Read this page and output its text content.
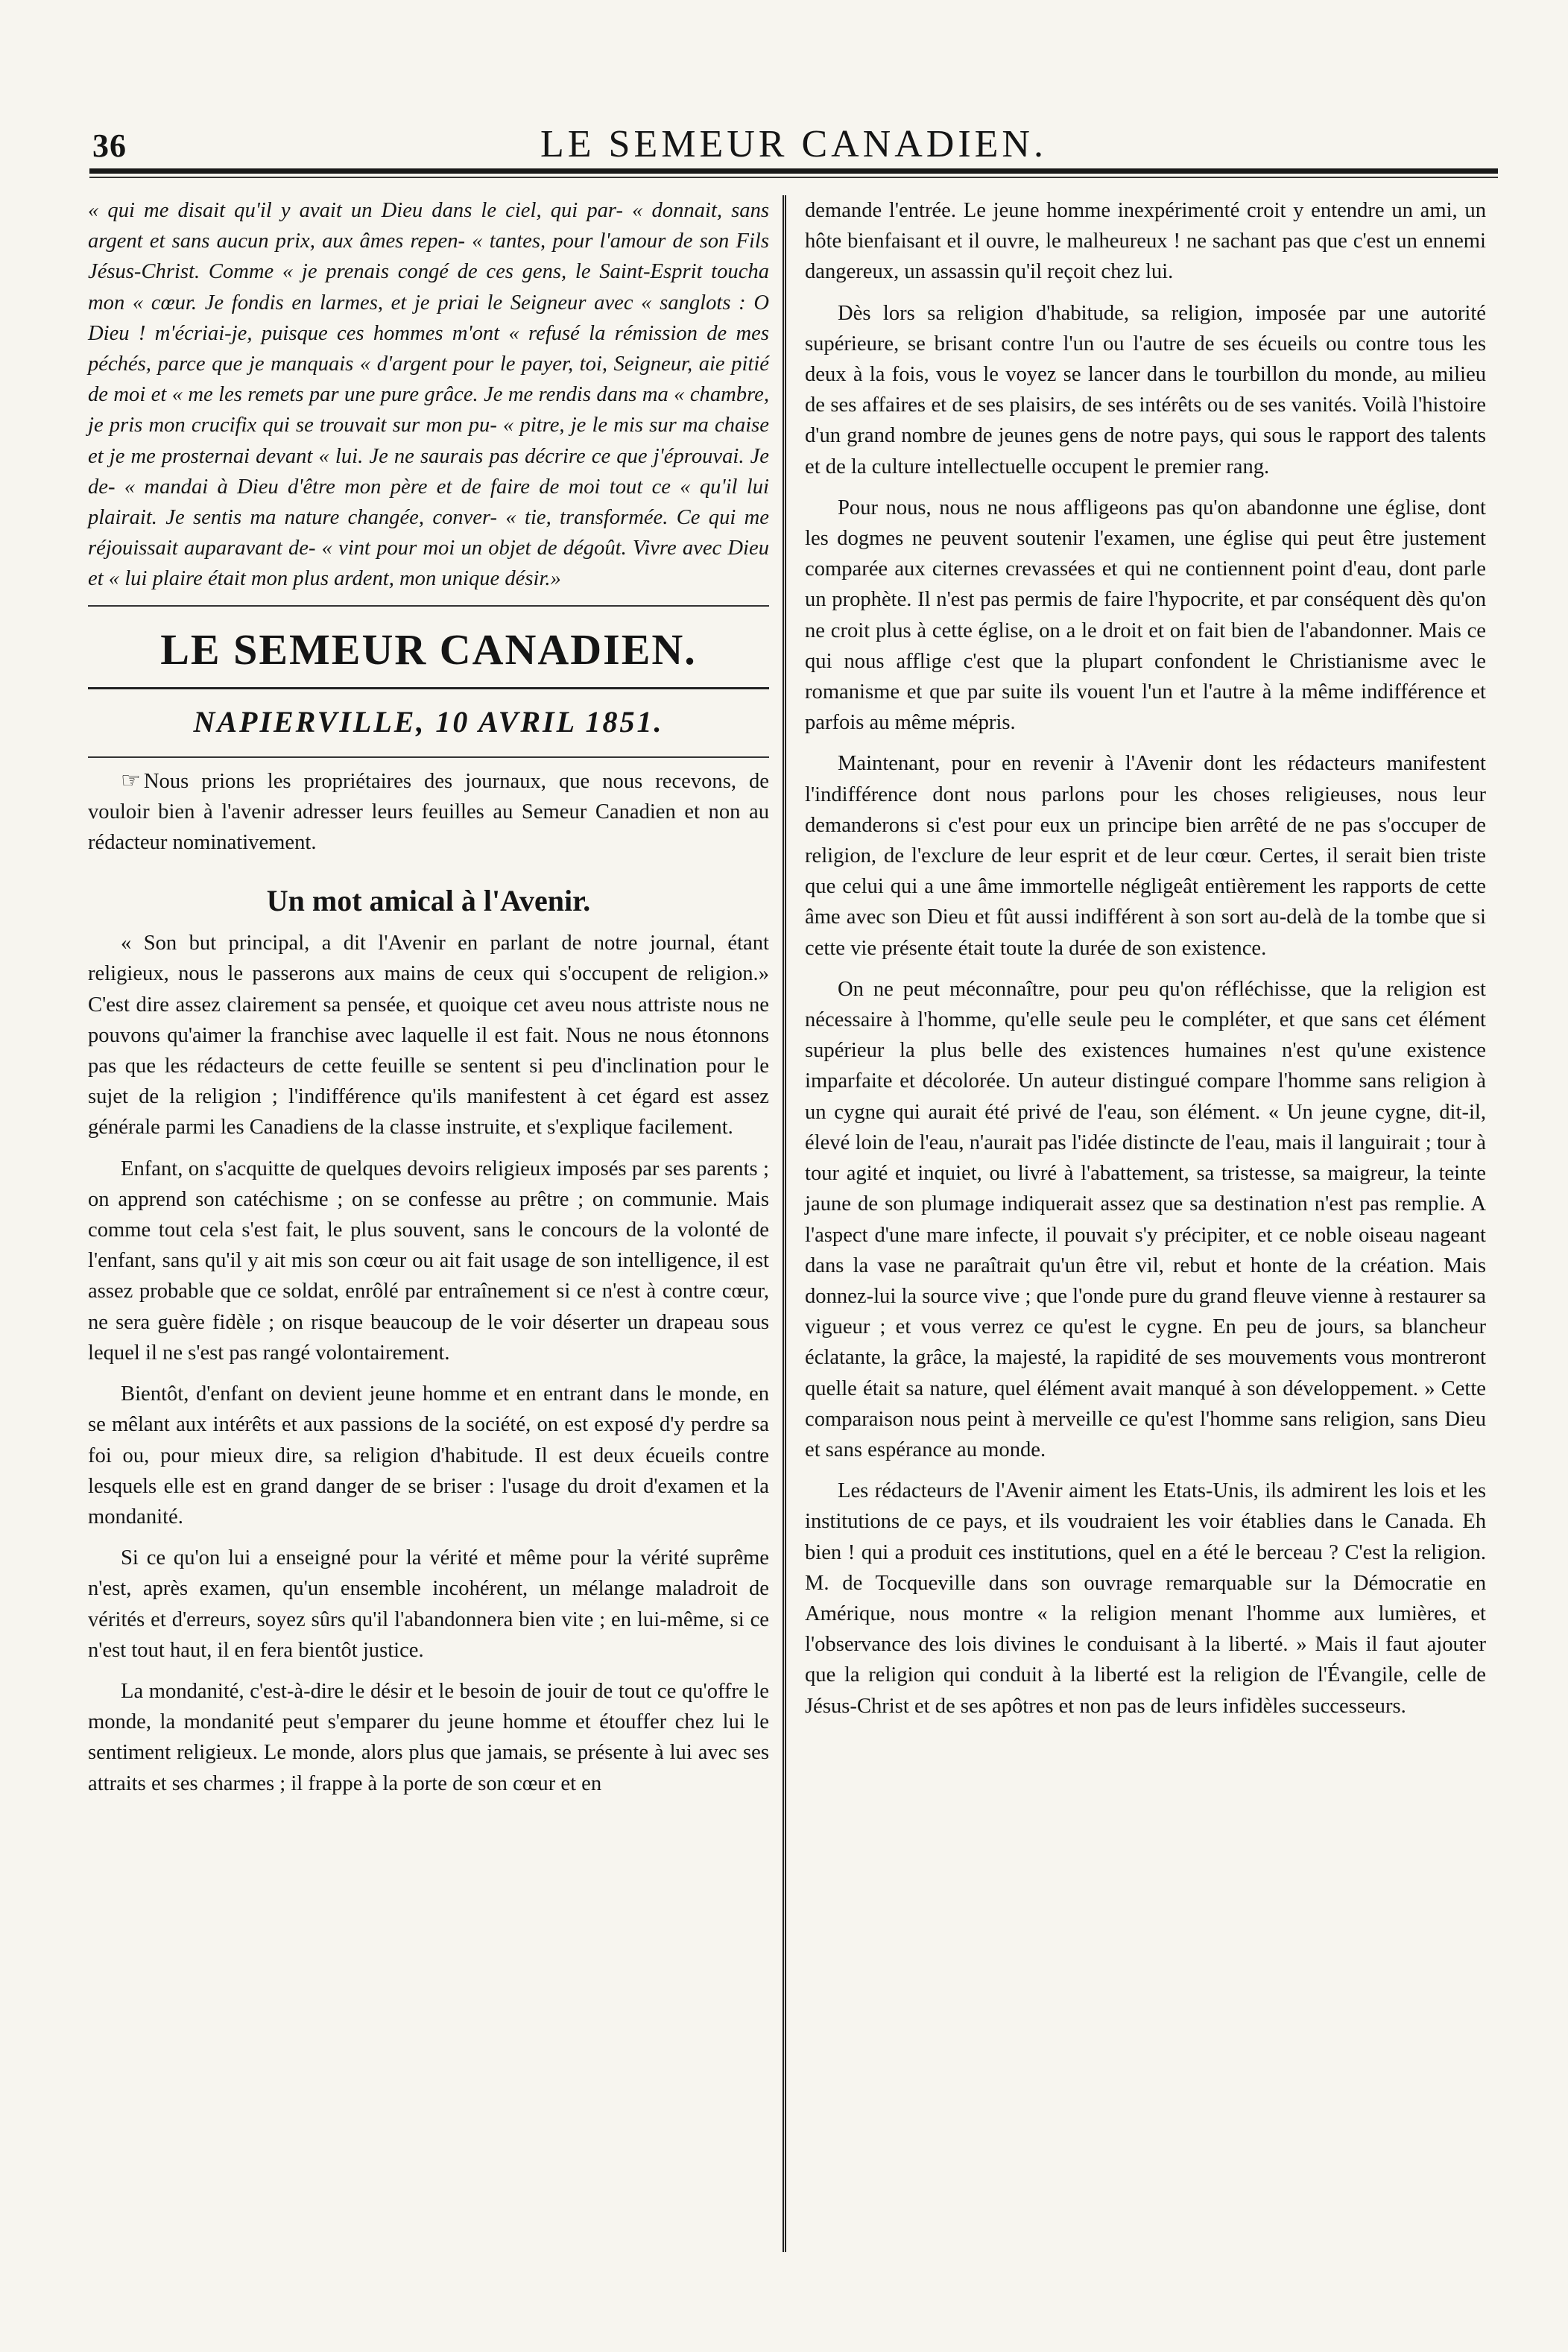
36	LE SEMEUR CANADIEN.

« qui me disait qu'il y avait un Dieu dans le ciel, qui par- « donnait, sans argent et sans aucun prix, aux âmes repen- « tantes, pour l'amour de son Fils Jésus-Christ. Comme « je prenais congé de ces gens, le Saint-Esprit toucha mon « cœur. Je fondis en larmes, et je priai le Seigneur avec « sanglots : O Dieu ! m'écriai-je, puisque ces hommes m'ont « refusé la rémission de mes péchés, parce que je manquais « d'argent pour le payer, toi, Seigneur, aie pitié de moi et « me les remets par une pure grâce. Je me rendis dans ma « chambre, je pris mon crucifix qui se trouvait sur mon pu- « pitre, je le mis sur ma chaise et je me prosternai devant « lui. Je ne saurais pas décrire ce que j'éprouvai. Je de- « mandai à Dieu d'être mon père et de faire de moi tout ce « qu'il lui plairait. Je sentis ma nature changée, conver- « tie, transformée. Ce qui me réjouissait auparavant de- « vint pour moi un objet de dégoût. Vivre avec Dieu et « lui plaire était mon plus ardent, mon unique désir.»

LE SEMEUR CANADIEN.
NAPIERVILLE, 10 AVRIL 1851.

☞ Nous prions les propriétaires des journaux, que nous recevons, de vouloir bien à l'avenir adresser leurs feuilles au Semeur Canadien et non au rédacteur nominativement.

Un mot amical à l'Avenir.

« Son but principal, a dit l'Avenir en parlant de notre journal, étant religieux, nous le passerons aux mains de ceux qui s'occupent de religion.» C'est dire assez clairement sa pensée, et quoique cet aveu nous attriste nous ne pouvons qu'aimer la franchise avec laquelle il est fait. Nous ne nous étonnons pas que les rédacteurs de cette feuille se sentent si peu d'inclination pour le sujet de la religion ; l'indifférence qu'ils manifestent à cet égard est assez générale parmi les Canadiens de la classe instruite, et s'explique facilement.

Enfant, on s'acquitte de quelques devoirs religieux imposés par ses parents ; on apprend son catéchisme ; on se confesse au prêtre ; on communie. Mais comme tout cela s'est fait, le plus souvent, sans le concours de la volonté de l'enfant, sans qu'il y ait mis son cœur ou ait fait usage de son intelligence, il est assez probable que ce soldat, enrôlé par entraînement si ce n'est à contre cœur, ne sera guère fidèle ; on risque beaucoup de le voir déserter un drapeau sous lequel il ne s'est pas rangé volontairement.

Bientôt, d'enfant on devient jeune homme et en entrant dans le monde, en se mêlant aux intérêts et aux passions de la société, on est exposé d'y perdre sa foi ou, pour mieux dire, sa religion d'habitude. Il est deux écueils contre lesquels elle est en grand danger de se briser : l'usage du droit d'examen et la mondanité.

Si ce qu'on lui a enseigné pour la vérité et même pour la vérité suprême n'est, après examen, qu'un ensemble incohérent, un mélange maladroit de vérités et d'erreurs, soyez sûrs qu'il l'abandonnera bien vite ; en lui-même, si ce n'est tout haut, il en fera bientôt justice.

La mondanité, c'est-à-dire le désir et le besoin de jouir de tout ce qu'offre le monde, la mondanité peut s'emparer du jeune homme et étouffer chez lui le sentiment religieux. Le monde, alors plus que jamais, se présente à lui avec ses attraits et ses charmes ; il frappe à la porte de son cœur et en

demande l'entrée. Le jeune homme inexpérimenté croit y entendre un ami, un hôte bienfaisant et il ouvre, le malheureux ! ne sachant pas que c'est un ennemi dangereux, un assassin qu'il reçoit chez lui.

Dès lors sa religion d'habitude, sa religion, imposée par une autorité supérieure, se brisant contre l'un ou l'autre de ses écueils ou contre tous les deux à la fois, vous le voyez se lancer dans le tourbillon du monde, au milieu de ses affaires et de ses plaisirs, de ses intérêts ou de ses vanités. Voilà l'histoire d'un grand nombre de jeunes gens de notre pays, qui sous le rapport des talents et de la culture intellectuelle occupent le premier rang.

Pour nous, nous ne nous affligeons pas qu'on abandonne une église, dont les dogmes ne peuvent soutenir l'examen, une église qui peut être justement comparée aux citernes crevassées et qui ne contiennent point d'eau, dont parle un prophète. Il n'est pas permis de faire l'hypocrite, et par conséquent dès qu'on ne croit plus à cette église, on a le droit et on fait bien de l'abandonner. Mais ce qui nous afflige c'est que la plupart confondent le Christianisme avec le romanisme et que par suite ils vouent l'un et l'autre à la même indifférence et parfois au même mépris.

Maintenant, pour en revenir à l'Avenir dont les rédacteurs manifestent l'indifférence dont nous parlons pour les choses religieuses, nous leur demanderons si c'est pour eux un principe bien arrêté de ne pas s'occuper de religion, de l'exclure de leur esprit et de leur cœur. Certes, il serait bien triste que celui qui a une âme immortelle négligeât entièrement les rapports de cette âme avec son Dieu et fût aussi indifférent à son sort au-delà de la tombe que si cette vie présente était toute la durée de son existence.

On ne peut méconnaître, pour peu qu'on réfléchisse, que la religion est nécessaire à l'homme, qu'elle seule peu le compléter, et que sans cet élément supérieur la plus belle des existences humaines n'est qu'une existence imparfaite et décolorée. Un auteur distingué compare l'homme sans religion à un cygne qui aurait été privé de l'eau, son élément. « Un jeune cygne, dit-il, élevé loin de l'eau, n'aurait pas l'idée distincte de l'eau, mais il languirait ; tour à tour agité et inquiet, ou livré à l'abattement, sa tristesse, sa maigreur, la teinte jaune de son plumage indiquerait assez que sa destination n'est pas remplie. A l'aspect d'une mare infecte, il pouvait s'y précipiter, et ce noble oiseau nageant dans la vase ne paraîtrait qu'un être vil, rebut et honte de la création. Mais donnez-lui la source vive ; que l'onde pure du grand fleuve vienne à restaurer sa vigueur ; et vous verrez ce qu'est le cygne. En peu de jours, sa blancheur éclatante, la grâce, la majesté, la rapidité de ses mouvements vous montreront quelle était sa nature, quel élément avait manqué à son développement. » Cette comparaison nous peint à merveille ce qu'est l'homme sans religion, sans Dieu et sans espérance au monde.

Les rédacteurs de l'Avenir aiment les Etats-Unis, ils admirent les lois et les institutions de ce pays, et ils voudraient les voir établies dans le Canada. Eh bien ! qui a produit ces institutions, quel en a été le berceau ? C'est la religion. M. de Tocqueville dans son ouvrage remarquable sur la Démocratie en Amérique, nous montre « la religion menant l'homme aux lumières, et l'observance des lois divines le conduisant à la liberté. » Mais il faut ajouter que la religion qui conduit à la liberté est la religion de l'Évangile, celle de Jésus-Christ et de ses apôtres et non pas de leurs infidèles successeurs.
